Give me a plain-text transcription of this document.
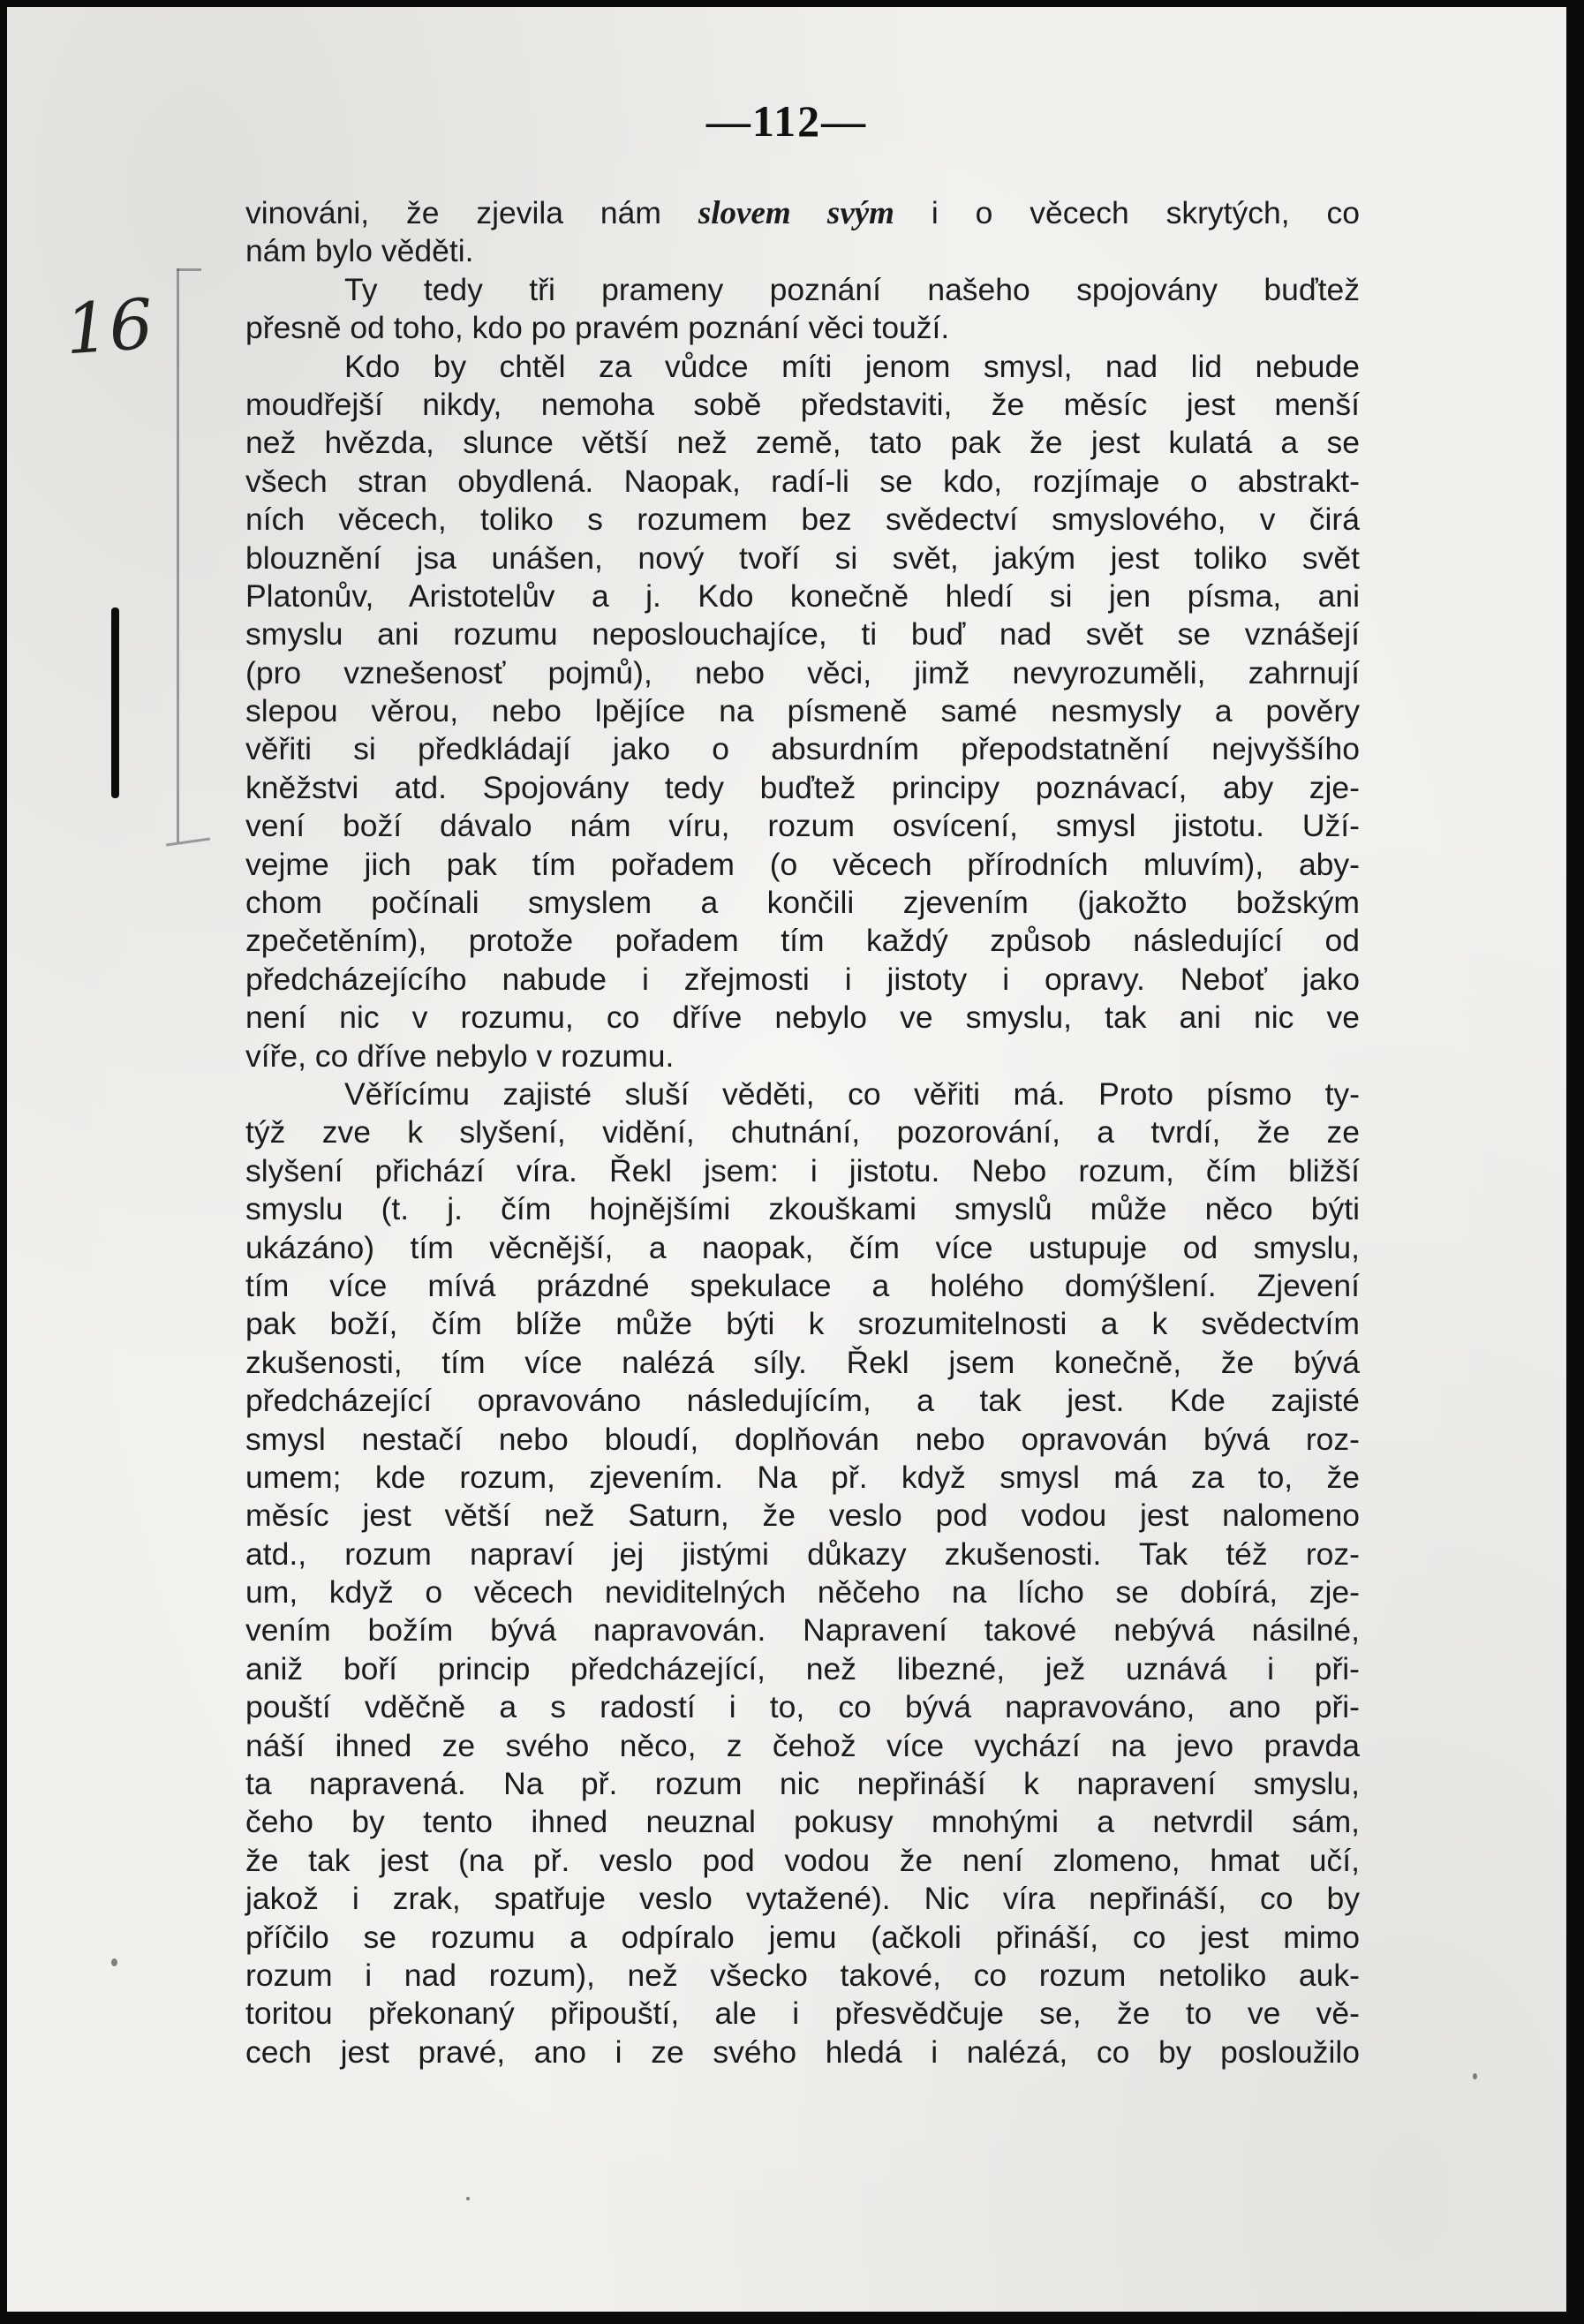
—112—
16
vinováni, že zjevila nám slovem svým i o věcech skrytých, co
nám bylo věděti.
Ty tedy tři prameny poznání našeho spojovány buďtež
přesně od toho, kdo po pravém poznání věci touží.
Kdo by chtěl za vůdce míti jenom smysl, nad lid nebude
moudřejší nikdy, nemoha sobě představiti, že měsíc jest menší
než hvězda, slunce větší než země, tato pak že jest kulatá a se
všech stran obydlená. Naopak, radí-li se kdo, rozjímaje o abstrakt-
ních věcech, toliko s rozumem bez svědectví smyslového, v čirá
blouznění jsa unášen, nový tvoří si svět, jakým jest toliko svět
Platonův, Aristotelův a j. Kdo konečně hledí si jen písma, ani
smyslu ani rozumu neposlouchajíce, ti buď nad svět se vznášejí
(pro vznešenosť pojmů), nebo věci, jimž nevyrozuměli, zahrnují
slepou věrou, nebo lpějíce na písmeně samé nesmysly a pověry
věřiti si předkládají jako o absurdním přepodstatnění nejvyššího
kněžstvi atd. Spojovány tedy buďtež principy poznávací, aby zje-
vení boží dávalo nám víru, rozum osvícení, smysl jistotu. Uží-
vejme jich pak tím pořadem (o věcech přírodních mluvím), aby-
chom počínali smyslem a končili zjevením (jakožto božským
zpečetěním), protože pořadem tím každý způsob následující od
předcházejícího nabude i zřejmosti i jistoty i opravy. Neboť jako
není nic v rozumu, co dříve nebylo ve smyslu, tak ani nic ve
víře, co dříve nebylo v rozumu.
Věřícímu zajisté sluší věděti, co věřiti má. Proto písmo ty-
týž zve k slyšení, vidění, chutnání, pozorování, a tvrdí, že ze
slyšení přichází víra. Řekl jsem: i jistotu. Nebo rozum, čím bližší
smyslu (t. j. čím hojnějšími zkouškami smyslů může něco býti
ukázáno) tím věcnější, a naopak, čím více ustupuje od smyslu,
tím více mívá prázdné spekulace a holého domýšlení. Zjevení
pak boží, čím blíže může býti k srozumitelnosti a k svědectvím
zkušenosti, tím více nalézá síly. Řekl jsem konečně, že bývá
předcházející opravováno následujícím, a tak jest. Kde zajisté
smysl nestačí nebo bloudí, doplňován nebo opravován bývá roz-
umem; kde rozum, zjevením. Na př. když smysl má za to, že
měsíc jest větší než Saturn, že veslo pod vodou jest nalomeno
atd., rozum napraví jej jistými důkazy zkušenosti. Tak též roz-
um, když o věcech neviditelných něčeho na lícho se dobírá, zje-
vením božím bývá napravován. Napravení takové nebývá násilné,
aniž boří princip předcházející, než libezné, jež uznává i při-
pouští vděčně a s radostí i to, co bývá napravováno, ano při-
náší ihned ze svého něco, z čehož více vychází na jevo pravda
ta napravená. Na př. rozum nic nepřináší k napravení smyslu,
čeho by tento ihned neuznal pokusy mnohými a netvrdil sám,
že tak jest (na př. veslo pod vodou že není zlomeno, hmat učí,
jakož i zrak, spatřuje veslo vytažené). Nic víra nepřináší, co by
příčilo se rozumu a odpíralo jemu (ačkoli přináší, co jest mimo
rozum i nad rozum), než všecko takové, co rozum netoliko auk-
toritou překonaný připouští, ale i přesvědčuje se, že to ve vě-
cech jest pravé, ano i ze svého hledá i nalézá, co by posloužilo
